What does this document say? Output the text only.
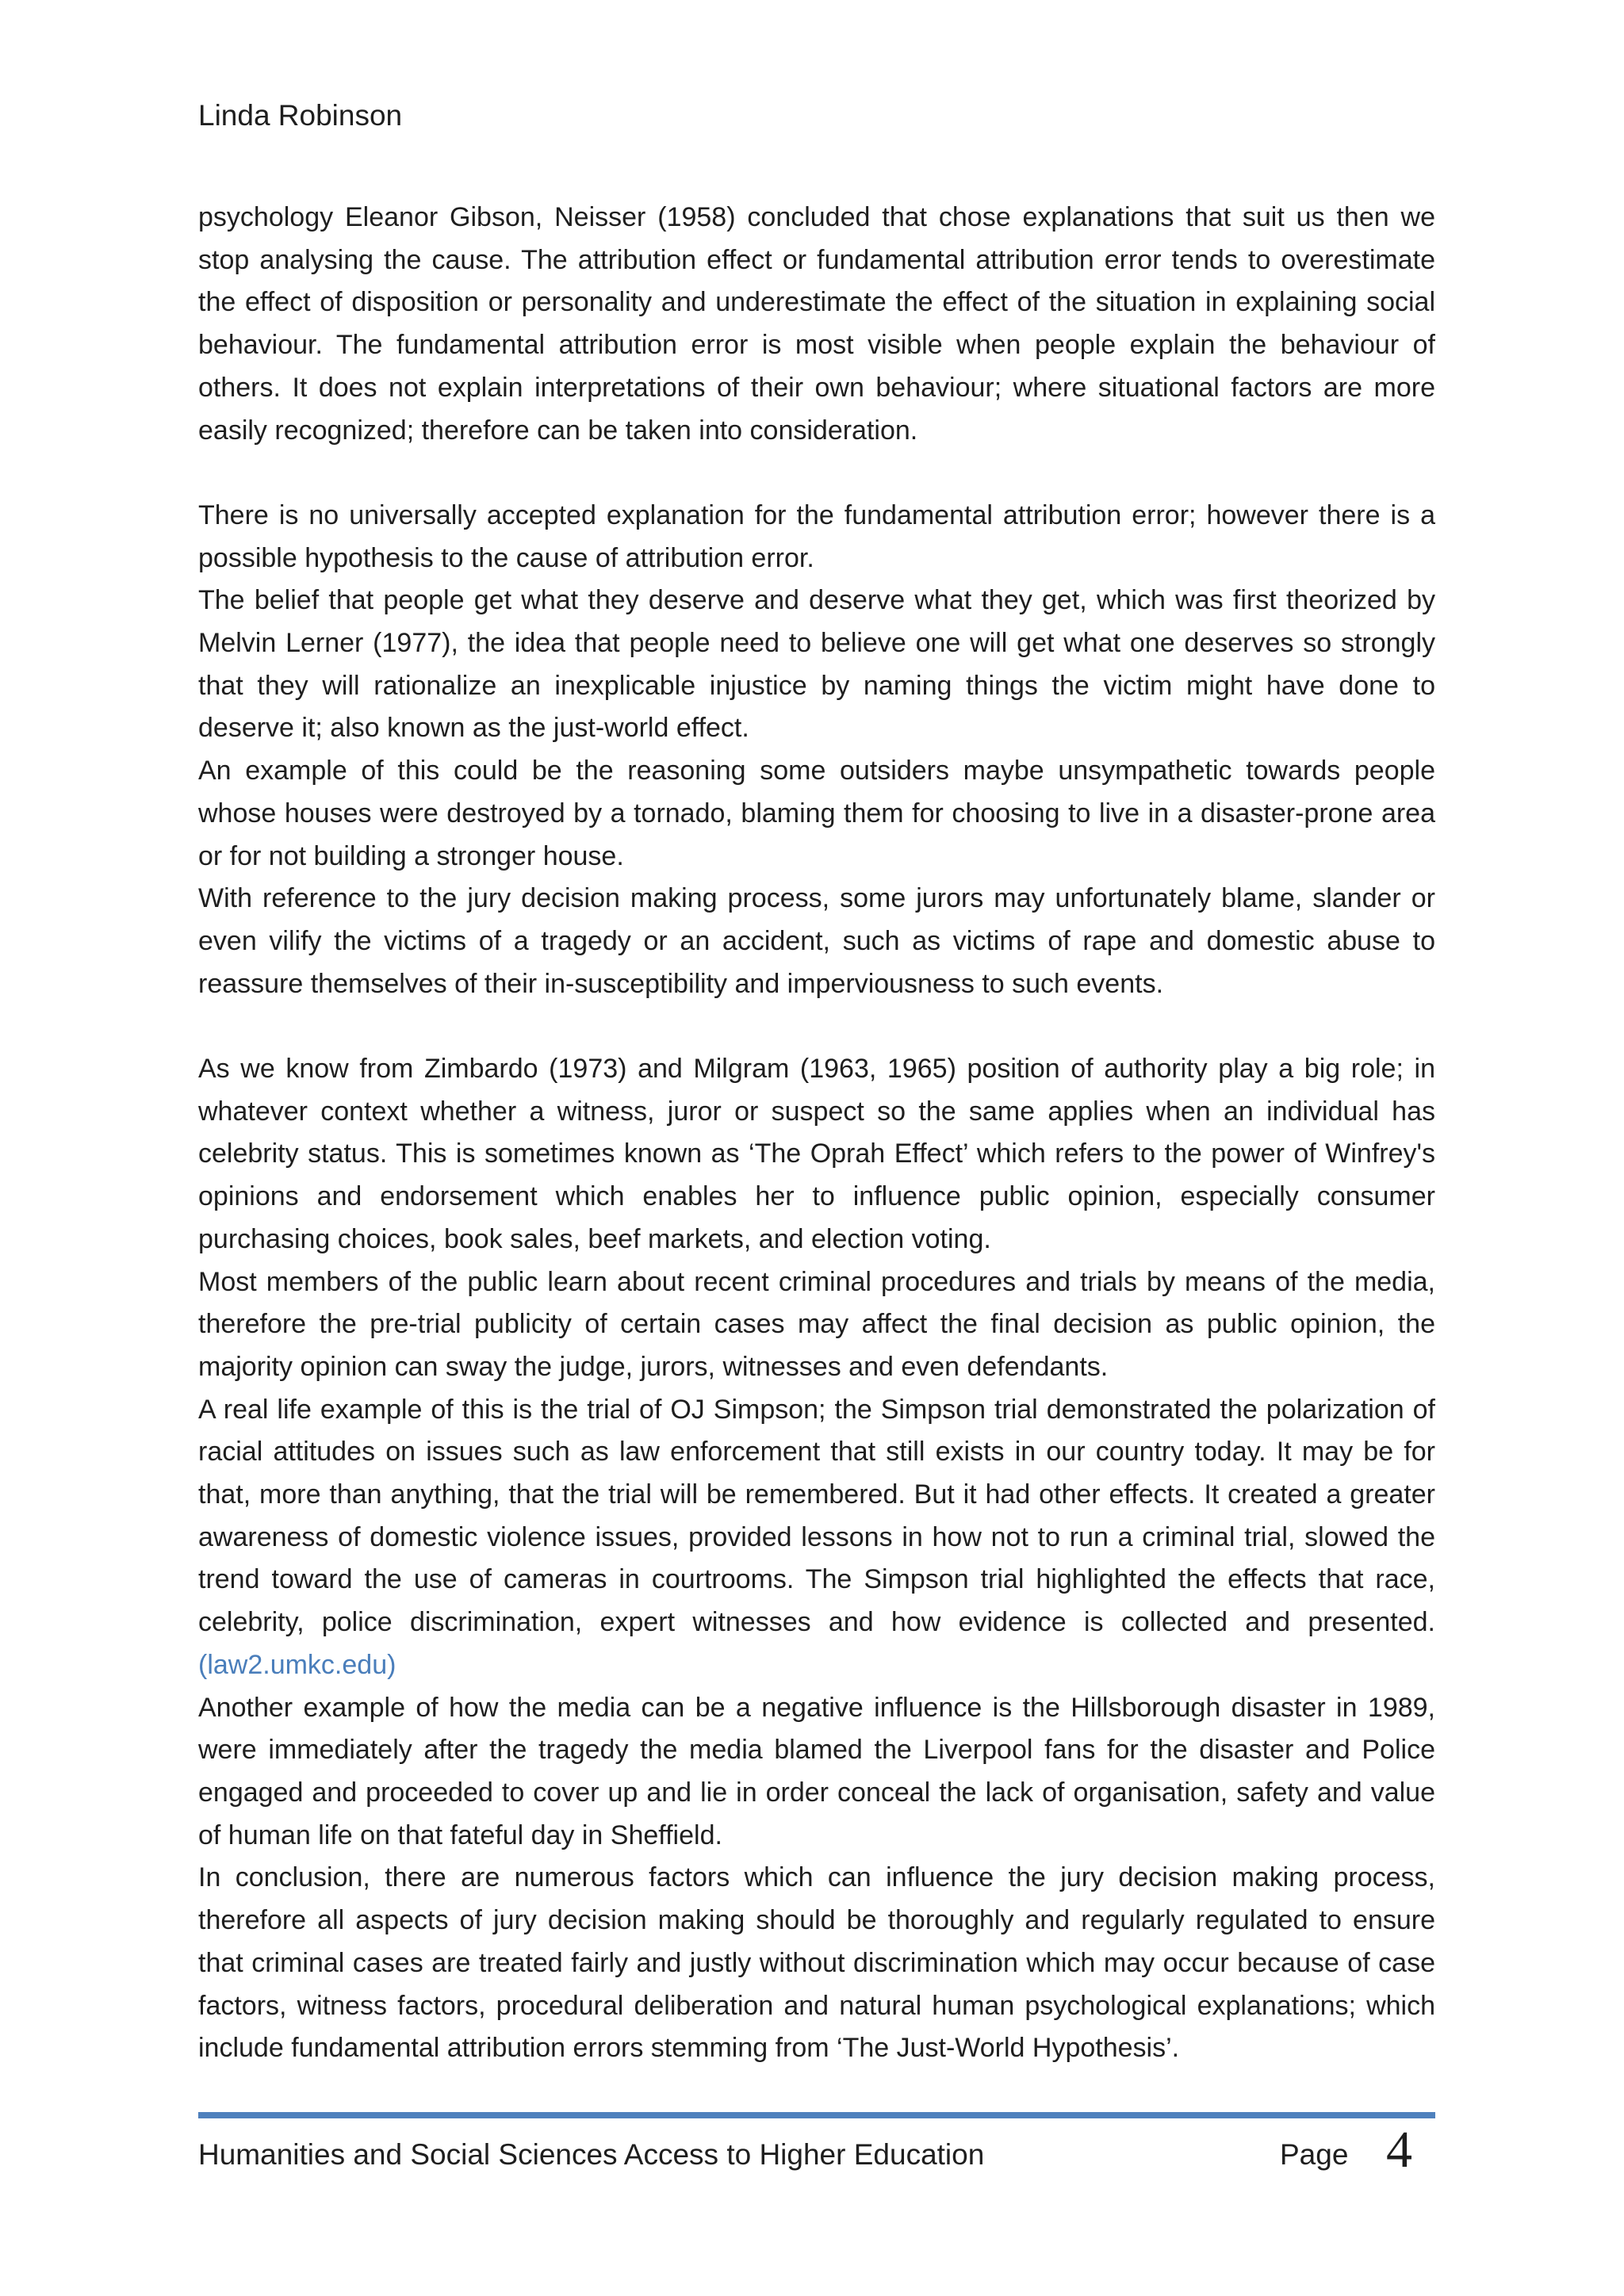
Linda Robinson

psychology Eleanor Gibson, Neisser (1958) concluded that chose explanations that suit us then we stop analysing the cause. The attribution effect or fundamental attribution error tends to overestimate the effect of disposition or personality and underestimate the effect of the situation in explaining social behaviour. The fundamental attribution error is most visible when people explain the behaviour of others. It does not explain interpretations of their own behaviour; where situational factors are more easily recognized; therefore can be taken into consideration.

There is no universally accepted explanation for the fundamental attribution error; however there is a possible hypothesis to the cause of attribution error.

The belief that people get what they deserve and deserve what they get, which was first theorized by Melvin Lerner (1977), the idea that people need to believe one will get what one deserves so strongly that they will rationalize an inexplicable injustice by naming things the victim might have done to deserve it; also known as the just-world effect.

An example of this could be the reasoning some outsiders maybe unsympathetic towards people whose houses were destroyed by a tornado, blaming them for choosing to live in a disaster-prone area or for not building a stronger house.

With reference to the jury decision making process, some jurors may unfortunately blame, slander or even vilify the victims of a tragedy or an accident, such as victims of rape and domestic abuse to reassure themselves of their in-susceptibility and imperviousness to such events.

As we know from Zimbardo (1973) and Milgram (1963, 1965) position of authority play a big role; in whatever context whether a witness, juror or suspect so the same applies when an individual has celebrity status. This is sometimes known as ‘The Oprah Effect’ which refers to the power of Winfrey's opinions and endorsement which enables her to influence public opinion, especially consumer purchasing choices, book sales, beef markets, and election voting.

Most members of the public learn about recent criminal procedures and trials by means of the media, therefore the pre-trial publicity of certain cases may affect the final decision as public opinion, the majority opinion can sway the judge, jurors, witnesses and even defendants.

A real life example of this is the trial of OJ Simpson; the Simpson trial demonstrated the polarization of racial attitudes on issues such as law enforcement that still exists in our country today. It may be for that, more than anything, that the trial will be remembered. But it had other effects. It created a greater awareness of domestic violence issues, provided lessons in how not to run a criminal trial, slowed the trend toward the use of cameras in courtrooms. The Simpson trial highlighted the effects that race, celebrity, police discrimination, expert witnesses and how evidence is collected and presented. (law2.umkc.edu)

Another example of how the media can be a negative influence is the Hillsborough disaster in 1989, were immediately after the tragedy the media blamed the Liverpool fans for the disaster and Police engaged and proceeded to cover up and lie in order conceal the lack of organisation, safety and value of human life on that fateful day in Sheffield.

In conclusion, there are numerous factors which can influence the jury decision making process, therefore all aspects of jury decision making should be thoroughly and regularly regulated to ensure that criminal cases are treated fairly and justly without discrimination which may occur because of case factors, witness factors, procedural deliberation and natural human psychological explanations; which include fundamental attribution errors stemming from ‘The Just-World Hypothesis’.

Humanities and Social Sciences Access to Higher Education	Page 4
